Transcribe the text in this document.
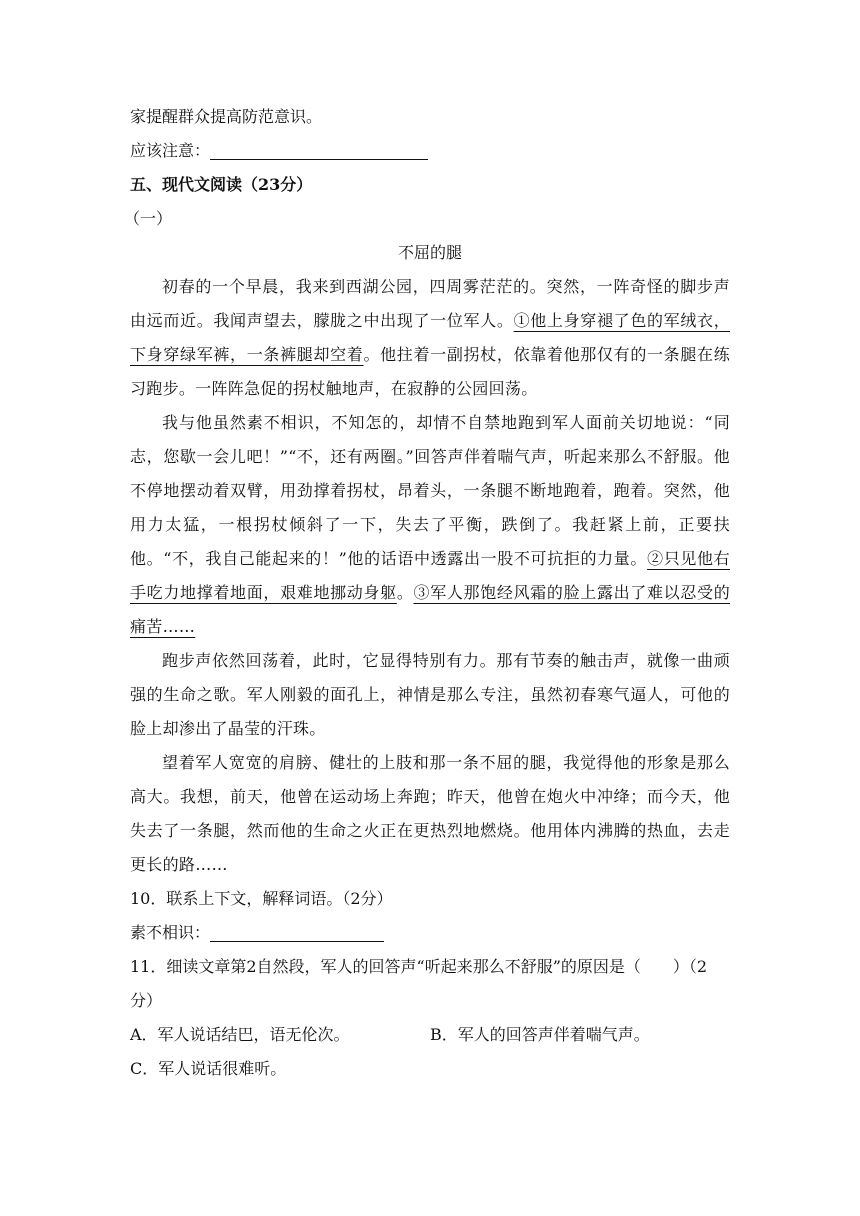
家提醒群众提高防范意识。
应该注意：
五、现代文阅读（23分）
（一）
不屈的腿

初春的一个早晨，我来到西湖公园，四周雾茫茫的。突然，一阵奇怪的脚步声由远而近。我闻声望去，朦胧之中出现了一位军人。①他上身穿褪了色的军绒衣，下身穿绿军裤，一条裤腿却空着。他拄着一副拐杖，依靠着他那仅有的一条腿在练习跑步。一阵阵急促的拐杖触地声，在寂静的公园回荡。

我与他虽然素不相识，不知怎的，却情不自禁地跑到军人面前关切地说：“同志，您歇一会儿吧！”“不，还有两圈。”回答声伴着喘气声，听起来那么不舒服。他不停地摆动着双臂，用劲撑着拐杖，昂着头，一条腿不断地跑着，跑着。突然，他用力太猛，一根拐杖倾斜了一下，失去了平衡，跌倒了。我赶紧上前，正要扶他。“不，我自己能起来的！”他的话语中透露出一股不可抗拒的力量。②只见他右手吃力地撑着地面，艰难地挪动身躯。③军人那饱经风霜的脸上露出了难以忍受的痛苦……

跑步声依然回荡着，此时，它显得特别有力。那有节奏的触击声，就像一曲顽强的生命之歌。军人刚毅的面孔上，神情是那么专注，虽然初春寒气逼人，可他的脸上却渗出了晶莹的汗珠。

望着军人宽宽的肩膀、健壮的上肢和那一条不屈的腿，我觉得他的形象是那么高大。我想，前天，他曾在运动场上奔跑；昨天，他曾在炮火中冲绛；而今天，他失去了一条腿，然而他的生命之火正在更热烈地燃烧。他用体内沸腾的热血，去走更长的路……

10．联系上下文，解释词语。（2分）
素不相识：

11．细读文章第2自然段，军人的回答声“听起来那么不舒服”的原因是（　　）（2分）

A．军人说话结巴，语无伦次。	B．军人的回答声伴着喘气声。
C．军人说话很难听。
